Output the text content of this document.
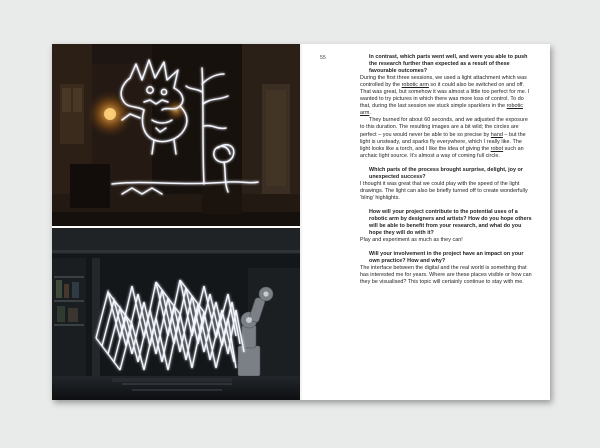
55	In contrast, which parts went well, and were you able to push the research further than expected as a result of these favourable outcomes?

During the first three sessions, we used a light attachment which was controlled by the robotic arm so it could also be switched on and off. That was great, but somehow it was almost a little too perfect for me. I wanted to try pictures in which there was more loss of control. To do that, during the last session we stuck simple sparklers in the robotic arm.

They burned for about 60 seconds, and we adjusted the exposure to this duration. The resulting images are a bit wild; the circles are perfect – you would never be able to be so precise by hand – but the light is unsteady, and sparks fly everywhere, which I really like. The light looks like a torch, and I like the idea of giving the robot such an archaic light source. It’s almost a way of coming full circle.

Which parts of the process brought surprise, delight, joy or unexpected success?

I thought it was great that we could play with the speed of the light drawings. The light can also be briefly turned off to create wonderfully ‘bling’ highlights.

How will your project contribute to the potential uses of a robotic arm by designers and artists? How do you hope others will be able to benefit from your research, and what do you hope they will do with it?

Play and experiment as much as they can!

Will your involvement in the project have an impact on your own practice? How and why?

The interface between the digital and the real world is something that has interested me for years. Where are these places visible or how can they be visualised? This topic will certainly continue to stay with me.
